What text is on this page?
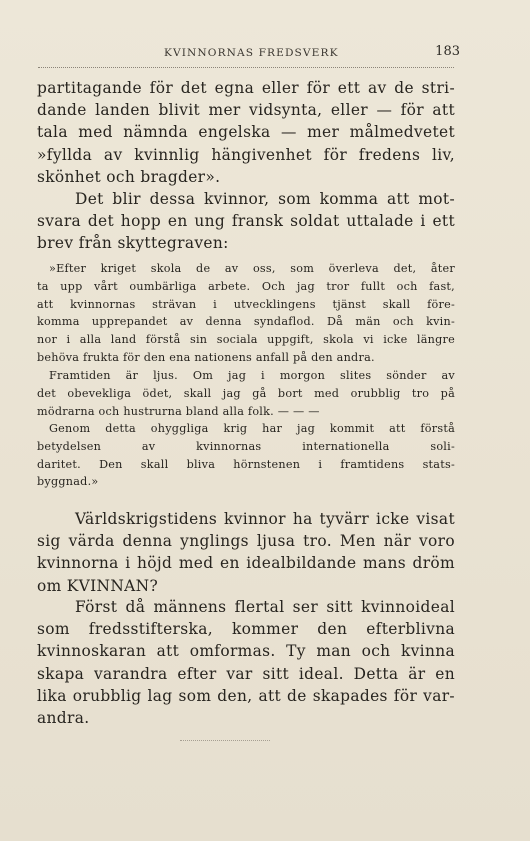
KVINNORNAS FREDSVERK	183
partitagande för det egna eller för ett av de stri-
dande landen blivit mer vidsynta, eller — för att
tala med nämnda engelska — mer målmedvetet
»fyllda av kvinnlig hängivenhet för fredens liv,
skönhet och bragder».
Det blir dessa kvinnor, som komma att mot-
svara det hopp en ung fransk soldat uttalade i ett
brev från skyttegraven:
»Efter kriget skola de av oss, som överleva det, åter
ta upp vårt oumbärliga arbete. Och jag tror fullt och fast,
att kvinnornas strävan i utvecklingens tjänst skall före-
komma upprepandet av denna syndaflod. Då män och kvin-
nor i alla land förstå sin sociala uppgift, skola vi icke längre
behöva frukta för den ena nationens anfall på den andra.
Framtiden är ljus. Om jag i morgon slites sönder av
det obevekliga ödet, skall jag gå bort med orubblig tro på
mödrarna och hustrurna bland alla folk. — — —
Genom detta ohyggliga krig har jag kommit att förstå
betydelsen av kvinnornas internationella soli-
daritet. Den skall bliva hörnstenen i framtidens stats-
byggnad.»
Världskrigstidens kvinnor ha tyvärr icke visat
sig värda denna ynglings ljusa tro. Men när voro
kvinnorna i höjd med en idealbildande mans dröm
om KVINNAN?
Först då männens flertal ser sitt kvinnoideal
som fredsstifterska, kommer den efterblivna
kvinnoskaran att omformas. Ty man och kvinna
skapa varandra efter var sitt ideal. Detta är en
lika orubblig lag som den, att de skapades för var-
andra.
